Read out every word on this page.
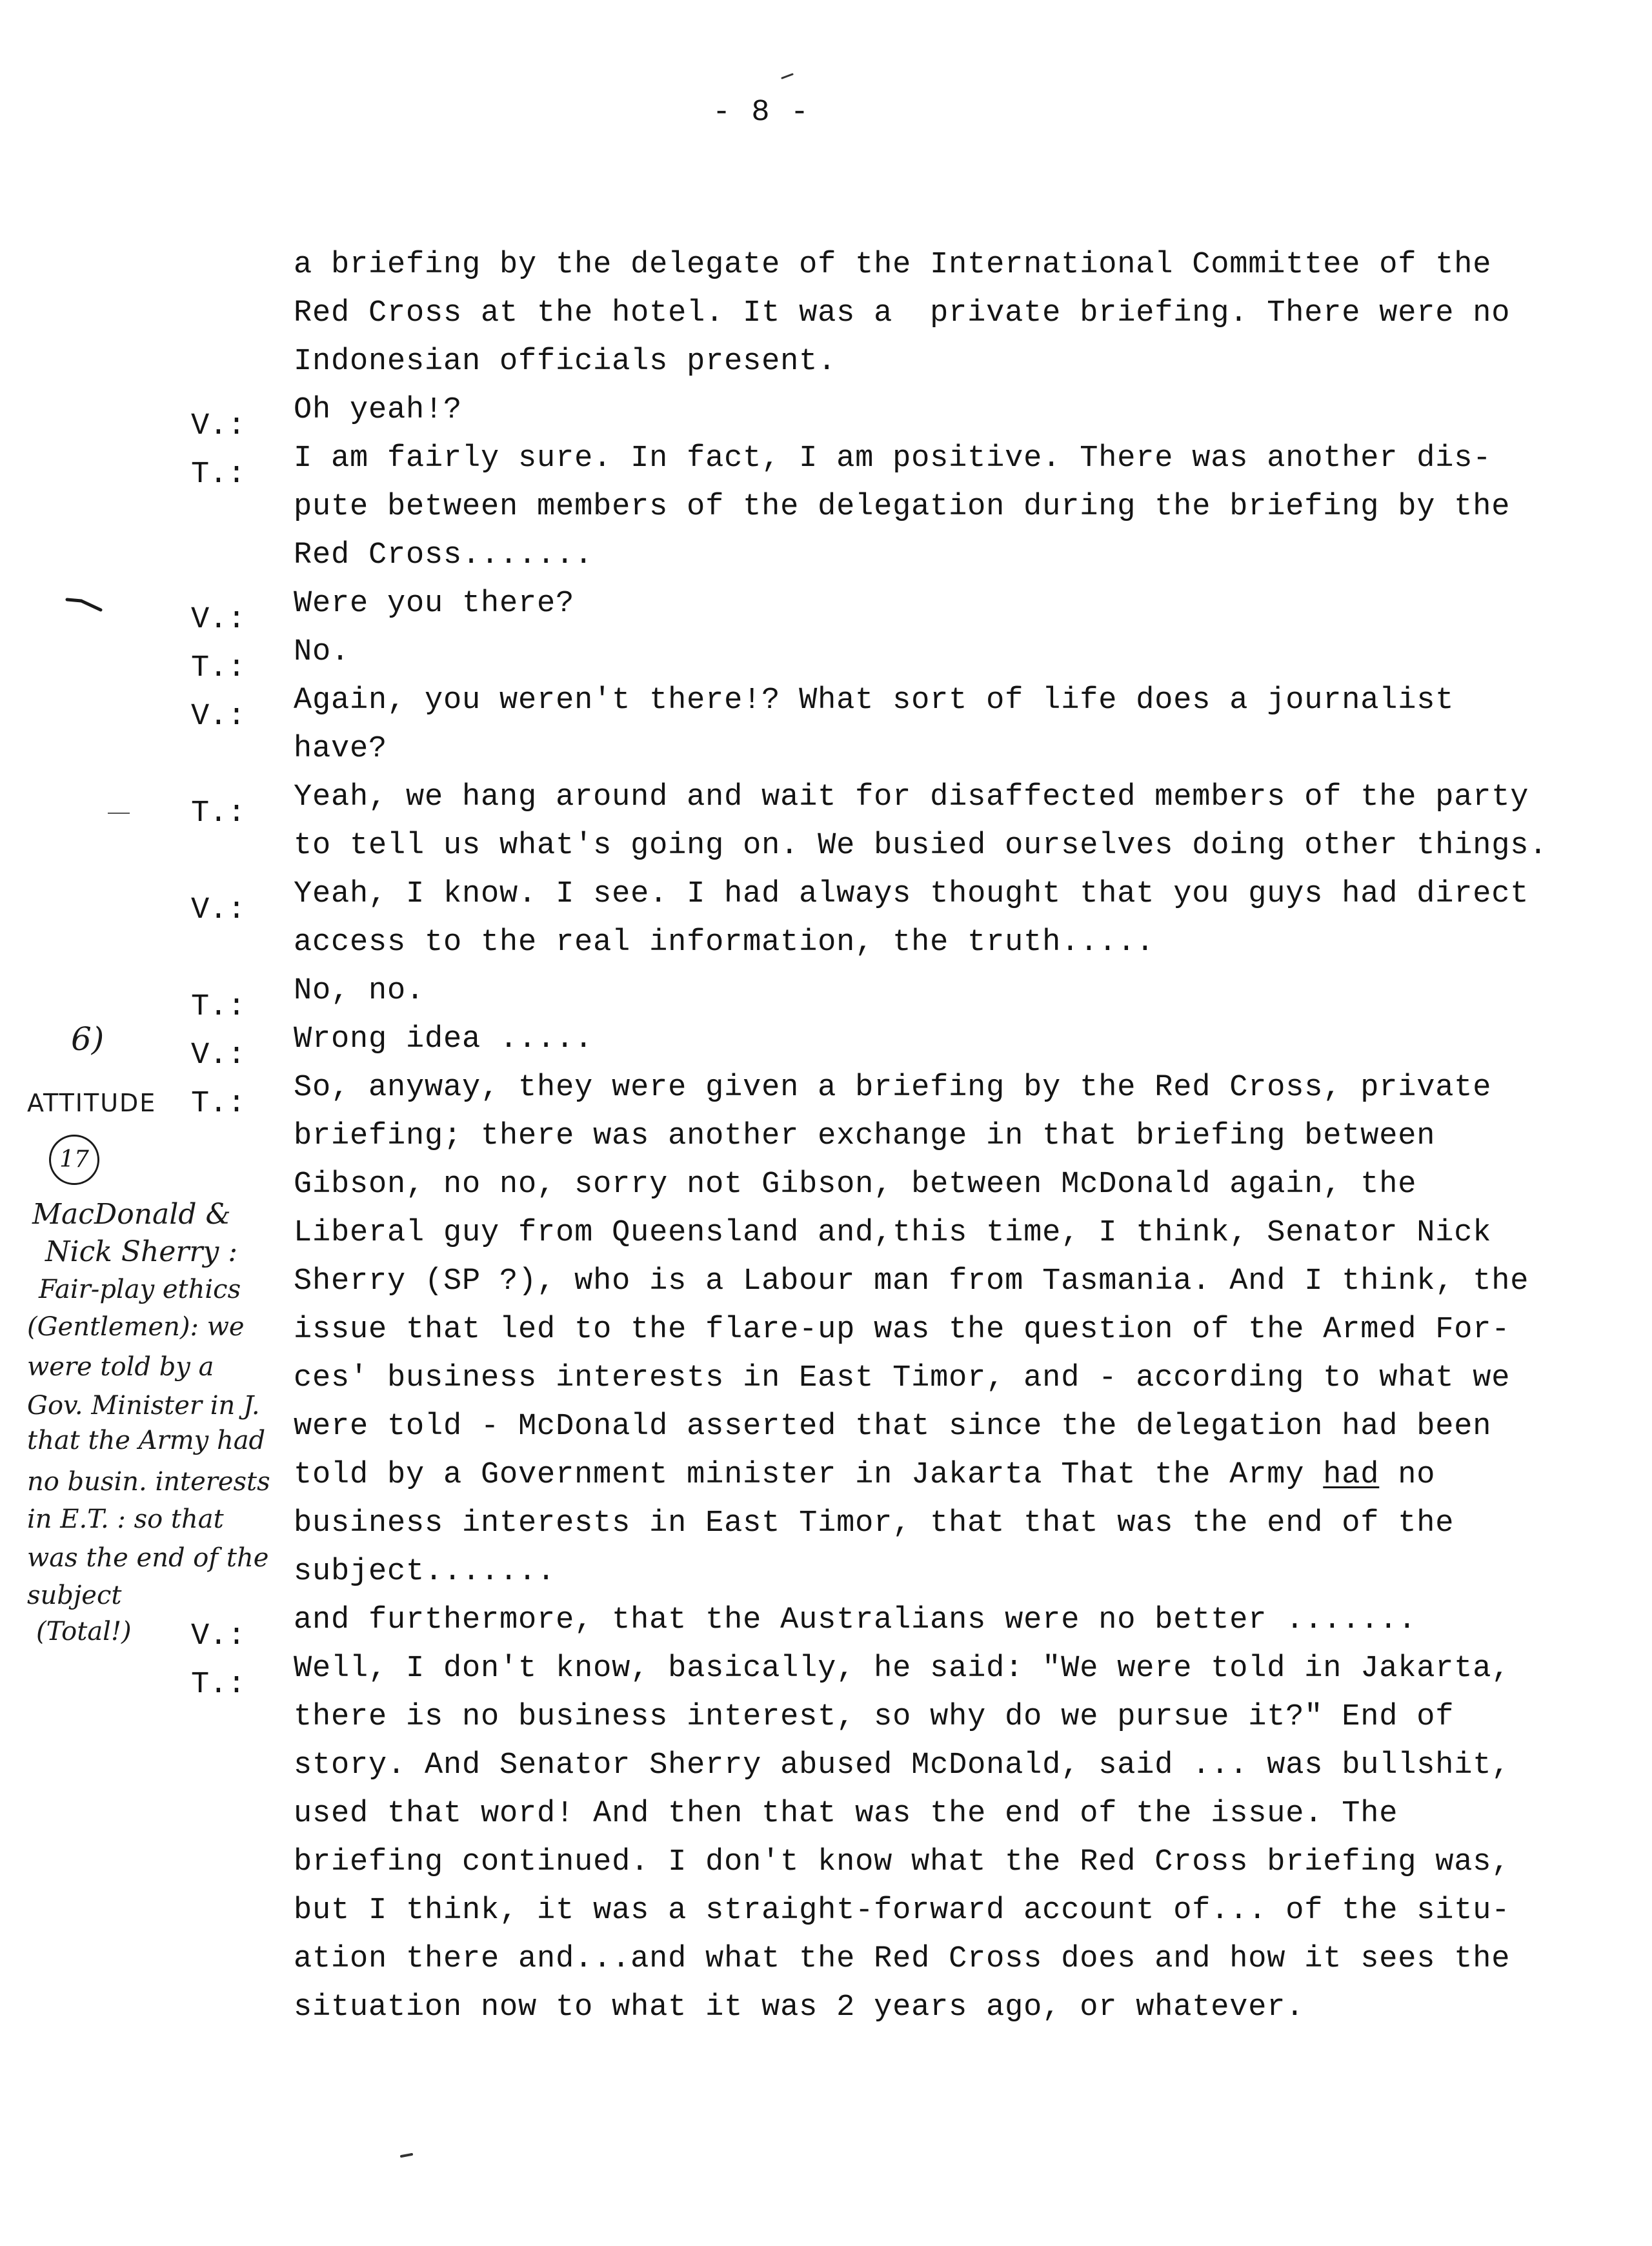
- 8 -
V.:
T.:
V.:
T.:
V.:
T.:
V.:
T.:
V.:
T.:
V.:
T.:
a briefing by the delegate of the International Committee of the
Red Cross at the hotel. It was a  private briefing. There were no
Indonesian officials present.
Oh yeah!?
I am fairly sure. In fact, I am positive. There was another dis-
pute between members of the delegation during the briefing by the
Red Cross.......
Were you there?
No.
Again, you weren't there!? What sort of life does a journalist
have?
Yeah, we hang around and wait for disaffected members of the party
to tell us what's going on. We busied ourselves doing other things.
Yeah, I know. I see. I had always thought that you guys had direct
access to the real information, the truth.....
No, no.
Wrong idea .....
So, anyway, they were given a briefing by the Red Cross, private
briefing; there was another exchange in that briefing between
Gibson, no no, sorry not Gibson, between McDonald again, the
Liberal guy from Queensland and,this time, I think, Senator Nick
Sherry (SP ?), who is a Labour man from Tasmania. And I think, the
issue that led to the flare-up was the question of the Armed For-
ces' business interests in East Timor, and - according to what we
were told - McDonald asserted that since the delegation had been
told by a Government minister in Jakarta That the Army had no
business interests in East Timor, that that was the end of the
subject.......
and furthermore, that the Australians were no better .......
Well, I don't know, basically, he said: "We were told in Jakarta,
there is no business interest, so why do we pursue it?" End of
story. And Senator Sherry abused McDonald, said ... was bullshit,
used that word! And then that was the end of the issue. The
briefing continued. I don't know what the Red Cross briefing was,
but I think, it was a straight-forward account of... of the situ-
ation there and...and what the Red Cross does and how it sees the
situation now to what it was 2 years ago, or whatever.
6)
ATTITUDE
17
MacDonald &
Nick Sherry :
Fair-play ethics
(Gentlemen): we
were told by a
Gov. Minister in J.
that the Army had
no busin. interests
in E.T. : so that
was the end of the
subject
(Total!)
